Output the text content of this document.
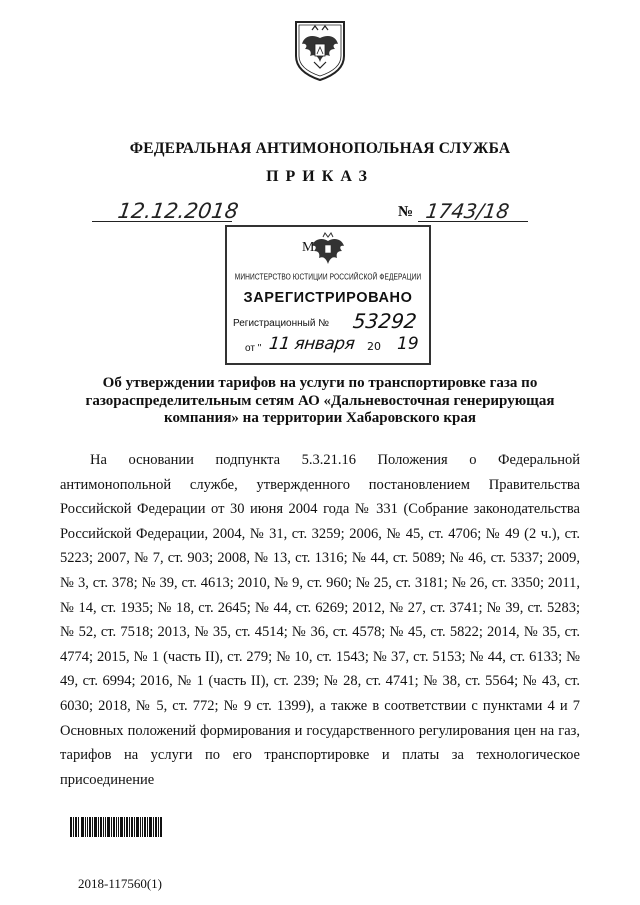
ФЕДЕРАЛЬНАЯ АНТИМОНОПОЛЬНАЯ СЛУЖБА
ПРИКАЗ
12.12.2018	№ 1743/18
M
МИНИСТЕРСТВО ЮСТИЦИИ РОССИЙСКОЙ ФЕДЕРАЦИИ
ЗАРЕГИСТРИРОВАНО
Регистрационный № 53292
от " 11 января 20 19
Об утверждении тарифов на услуги по транспортировке газа по газораспределительным сетям АО «Дальневосточная генерирующая компания» на территории Хабаровского края

На основании подпункта 5.3.21.16 Положения о Федеральной антимонопольной службе, утвержденного постановлением Правительства Российской Федерации от 30 июня 2004 года № 331 (Собрание законодательства Российской Федерации, 2004, № 31, ст. 3259; 2006, № 45, ст. 4706; № 49 (2 ч.), ст. 5223; 2007, № 7, ст. 903; 2008, № 13, ст. 1316; № 44, ст. 5089; № 46, ст. 5337; 2009, № 3, ст. 378; № 39, ст. 4613; 2010, № 9, ст. 960; № 25, ст. 3181; № 26, ст. 3350; 2011, № 14, ст. 1935; № 18, ст. 2645; № 44, ст. 6269; 2012, № 27, ст. 3741; № 39, ст. 5283; № 52, ст. 7518; 2013, № 35, ст. 4514; № 36, ст. 4578; № 45, ст. 5822; 2014, № 35, ст. 4774; 2015, № 1 (часть II), ст. 279; № 10, ст. 1543; № 37, ст. 5153; № 44, ст. 6133; № 49, ст. 6994; 2016, № 1 (часть II), ст. 239; № 28, ст. 4741; № 38, ст. 5564; № 43, ст. 6030; 2018, № 5, ст. 772; № 9 ст. 1399), а также в соответствии с пунктами 4 и 7 Основных положений формирования и государственного регулирования цен на газ, тарифов на услуги по его транспортировке и платы за технологическое присоединение

2018-117560(1)
